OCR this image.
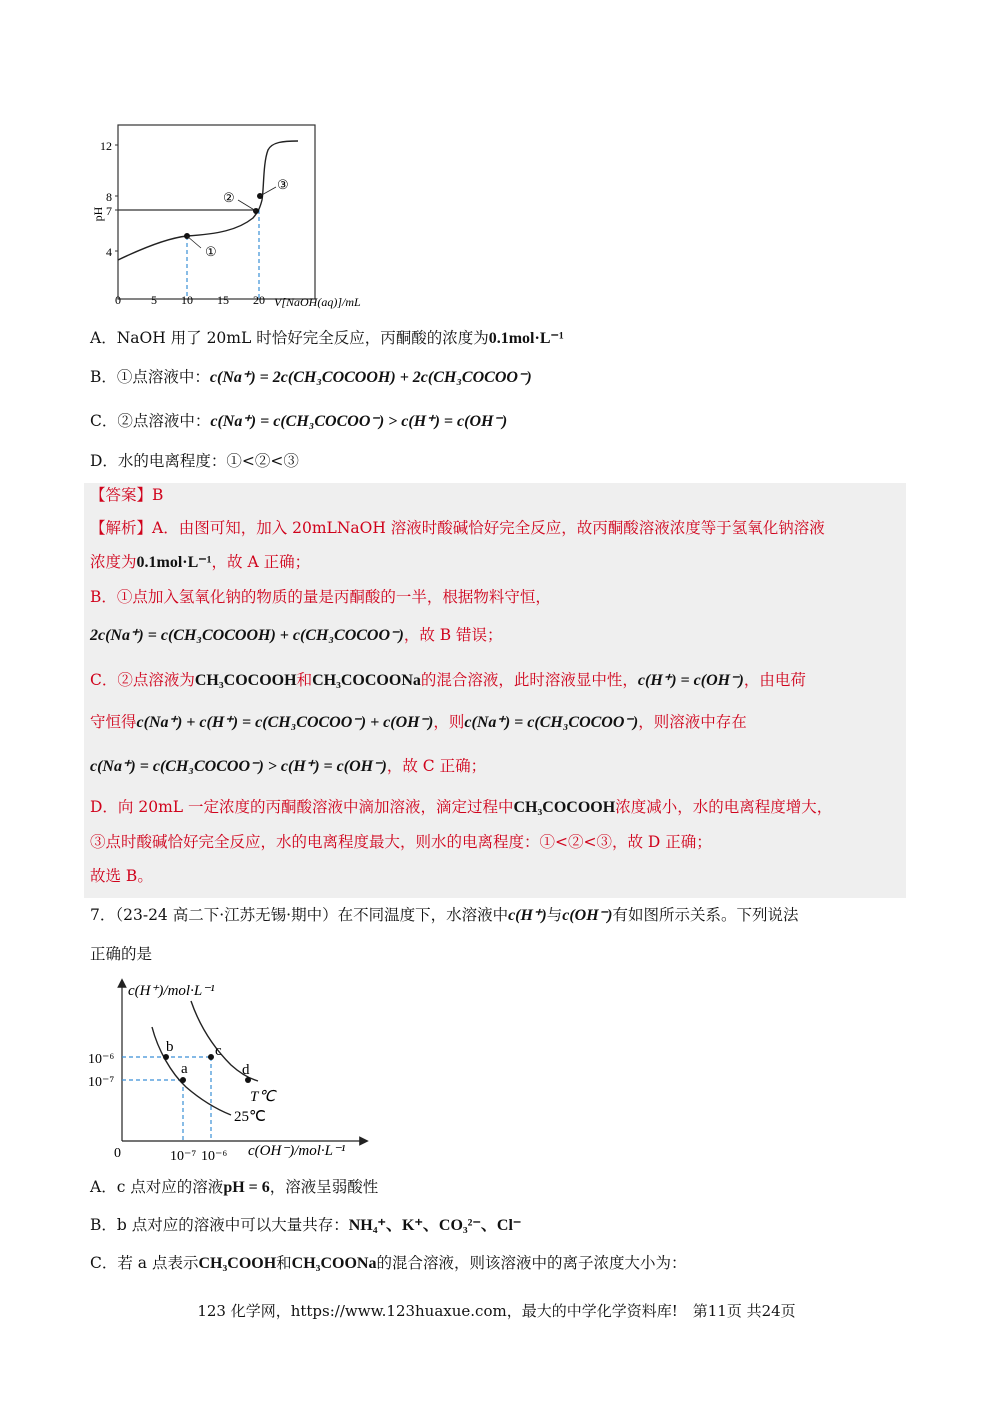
12
8
7
4
pH
0	5 10 15 20 V[NaOH(aq)]/mL
①
②
③
A．NaOH 用了 20mL 时恰好完全反应，丙酮酸的浓度为0.1mol·L⁻¹
B．①点溶液中：c(Na⁺) = 2c(CH₃COCOOH) + 2c(CH₃COCOO⁻)
C．②点溶液中：c(Na⁺) = c(CH₃COCOO⁻) > c(H⁺) = c(OH⁻)
D．水的电离程度：①<②<③
【答案】B
【解析】A．由图可知，加入 20mLNaOH 溶液时酸碱恰好完全反应，故丙酮酸溶液浓度等于氢氧化钠溶液
浓度为0.1mol·L⁻¹，故 A 正确；
B．①点加入氢氧化钠的物质的量是丙酮酸的一半，根据物料守恒，
2c(Na⁺) = c(CH₃COCOOH) + c(CH₃COCOO⁻)，故 B 错误；
C．②点溶液为CH₃COCOOH和CH₃COCOONa的混合溶液，此时溶液显中性，c(H⁺) = c(OH⁻)，由电荷
守恒得c(Na⁺) + c(H⁺) = c(CH₃COCOO⁻) + c(OH⁻)，则c(Na⁺) = c(CH₃COCOO⁻)，则溶液中存在
c(Na⁺) = c(CH₃COCOO⁻) > c(H⁺) = c(OH⁻)，故 C 正确；
D．向 20mL 一定浓度的丙酮酸溶液中滴加溶液，滴定过程中CH₃COCOOH浓度减小，水的电离程度增大，
③点时酸碱恰好完全反应，水的电离程度最大，则水的电离程度：①<②<③，故 D 正确；
故选 B。
7．（23-24 高二下·江苏无锡·期中）在不同温度下，水溶液中c(H⁺)与c(OH⁻)有如图所示关系。下列说法
正确的是
c(H⁺)/mol·L⁻¹
c(OH⁻)/mol·L⁻¹
0
10⁻⁶
10⁻⁷
10⁻⁷ 10⁻⁶
a
b	c
d
T℃
25℃
A．c 点对应的溶液pH = 6，溶液呈弱酸性
B．b 点对应的溶液中可以大量共存：NH₄⁺、K⁺、CO₃²⁻、Cl⁻
C．若 a 点表示CH₃COOH和CH₃COONa的混合溶液，则该溶液中的离子浓度大小为：
123 化学网，https://www.123huaxue.com，最大的中学化学资料库!　第11页 共24页
